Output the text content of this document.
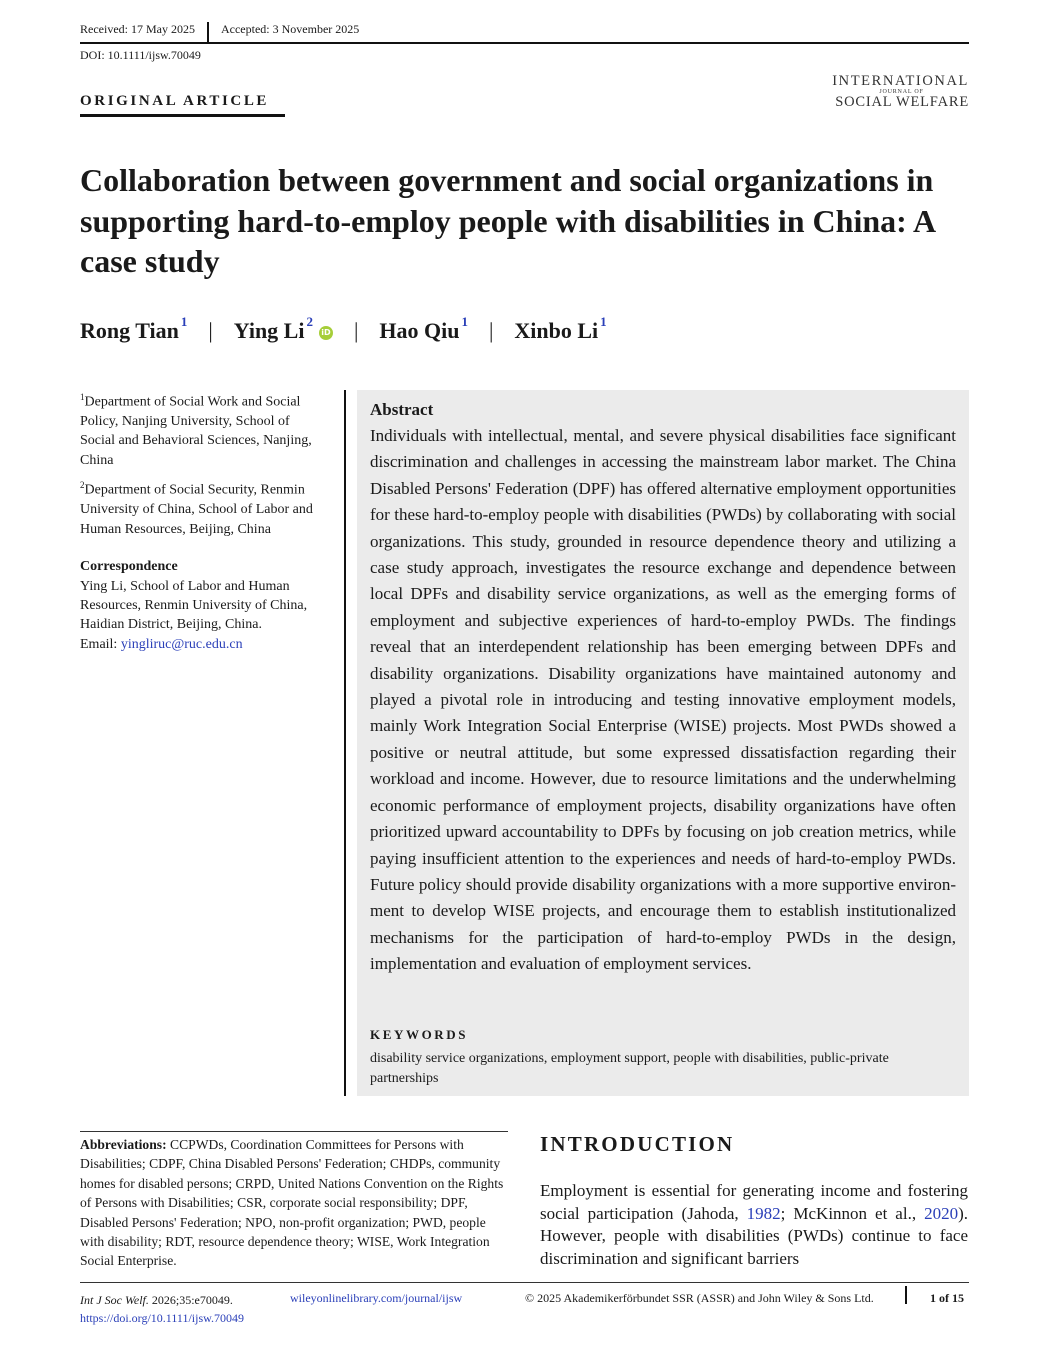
Received: 17 May 2025 Accepted: 3 November 2025
DOI: 10.1111/ijsw.70049
INTERNATIONAL
JOURNAL OF
SOCIAL WELFARE
ORIGINAL ARTICLE
Collaboration between government and social organizations in supporting hard-to-employ people with disabilities in China: A case study
Rong Tian $^1$ | Ying Li $^2$iD | Hao Qiu $^1$ | Xinbo Li $^1$
$^1$Department of Social Work and Social Policy, Nanjing University, School of Social and Behavioral Sciences, Nanjing, China
$^2$Department of Social Security, Renmin University of China, School of Labor and Human Resources, Beijing, China
Correspondence
Ying Li, School of Labor and Human Resources, Renmin University of China, Haidian District, Beijing, China.
Email: yingliruc@ruc.edu.cn
Abstract
Individuals with intellectual, mental, and severe physical disabilities face significant discrimination and challenges in accessing the mainstream labor market. The China Disabled Persons' Federation (DPF) has offered alternative employment opportunities for these hard-to-employ people with disabilities (PWDs) by collaborating with social organizations. This study, grounded in resource dependence theory and utilizing a case study approach, investigates the resource exchange and dependence between local DPFs and disability service organizations, as well as the emerging forms of employment and subjective experiences of hard-to-employ PWDs. The findings reveal that an interdependent relationship has been emerging between DPFs and disability organizations. Disability organizations have maintained autonomy and played a pivotal role in introducing and testing innovative employment models, mainly Work Integration Social Enterprise (WISE) projects. Most PWDs showed a positive or neutral attitude, but some expressed dissatisfaction regarding their workload and income. However, due to resource limitations and the underwhelming economic performance of employment projects, disability organizations have often prioritized upward accountability to DPFs by focusing on job creation metrics, while paying insufficient attention to the experiences and needs of hard-to-employ PWDs. Future policy should provide disability organizations with a more supportive environment to develop WISE projects, and encourage them to establish institutionalized mechanisms for the participation of hard-to-employ PWDs in the design, implementation and evaluation of employment services.
KEYWORDS
disability service organizations, employment support, people with disabilities, public-private partnerships
Abbreviations: CCPWDs, Coordination Committees for Persons with Disabilities; CDPF, China Disabled Persons' Federation; CHDPs, community homes for disabled persons; CRPD, United Nations Convention on the Rights of Persons with Disabilities; CSR, corporate social responsibility; DPF, Disabled Persons' Federation; NPO, non-profit organization; PWD, people with disability; RDT, resource dependence theory; WISE, Work Integration Social Enterprise.
INTRODUCTION
Employment is essential for generating income and fostering social participation (Jahoda, 1982; McKinnon et al., 2020). However, people with disabilities (PWDs) continue to face discrimination and significant barriers
Int J Soc Welf. 2026;35:e70049.
https://doi.org/10.1111/ijsw.70049
wileyonlinelibrary.com/journal/ijsw	© 2025 Akademikerförbundet SSR (ASSR) and John Wiley & Sons Ltd.	1 of 15
